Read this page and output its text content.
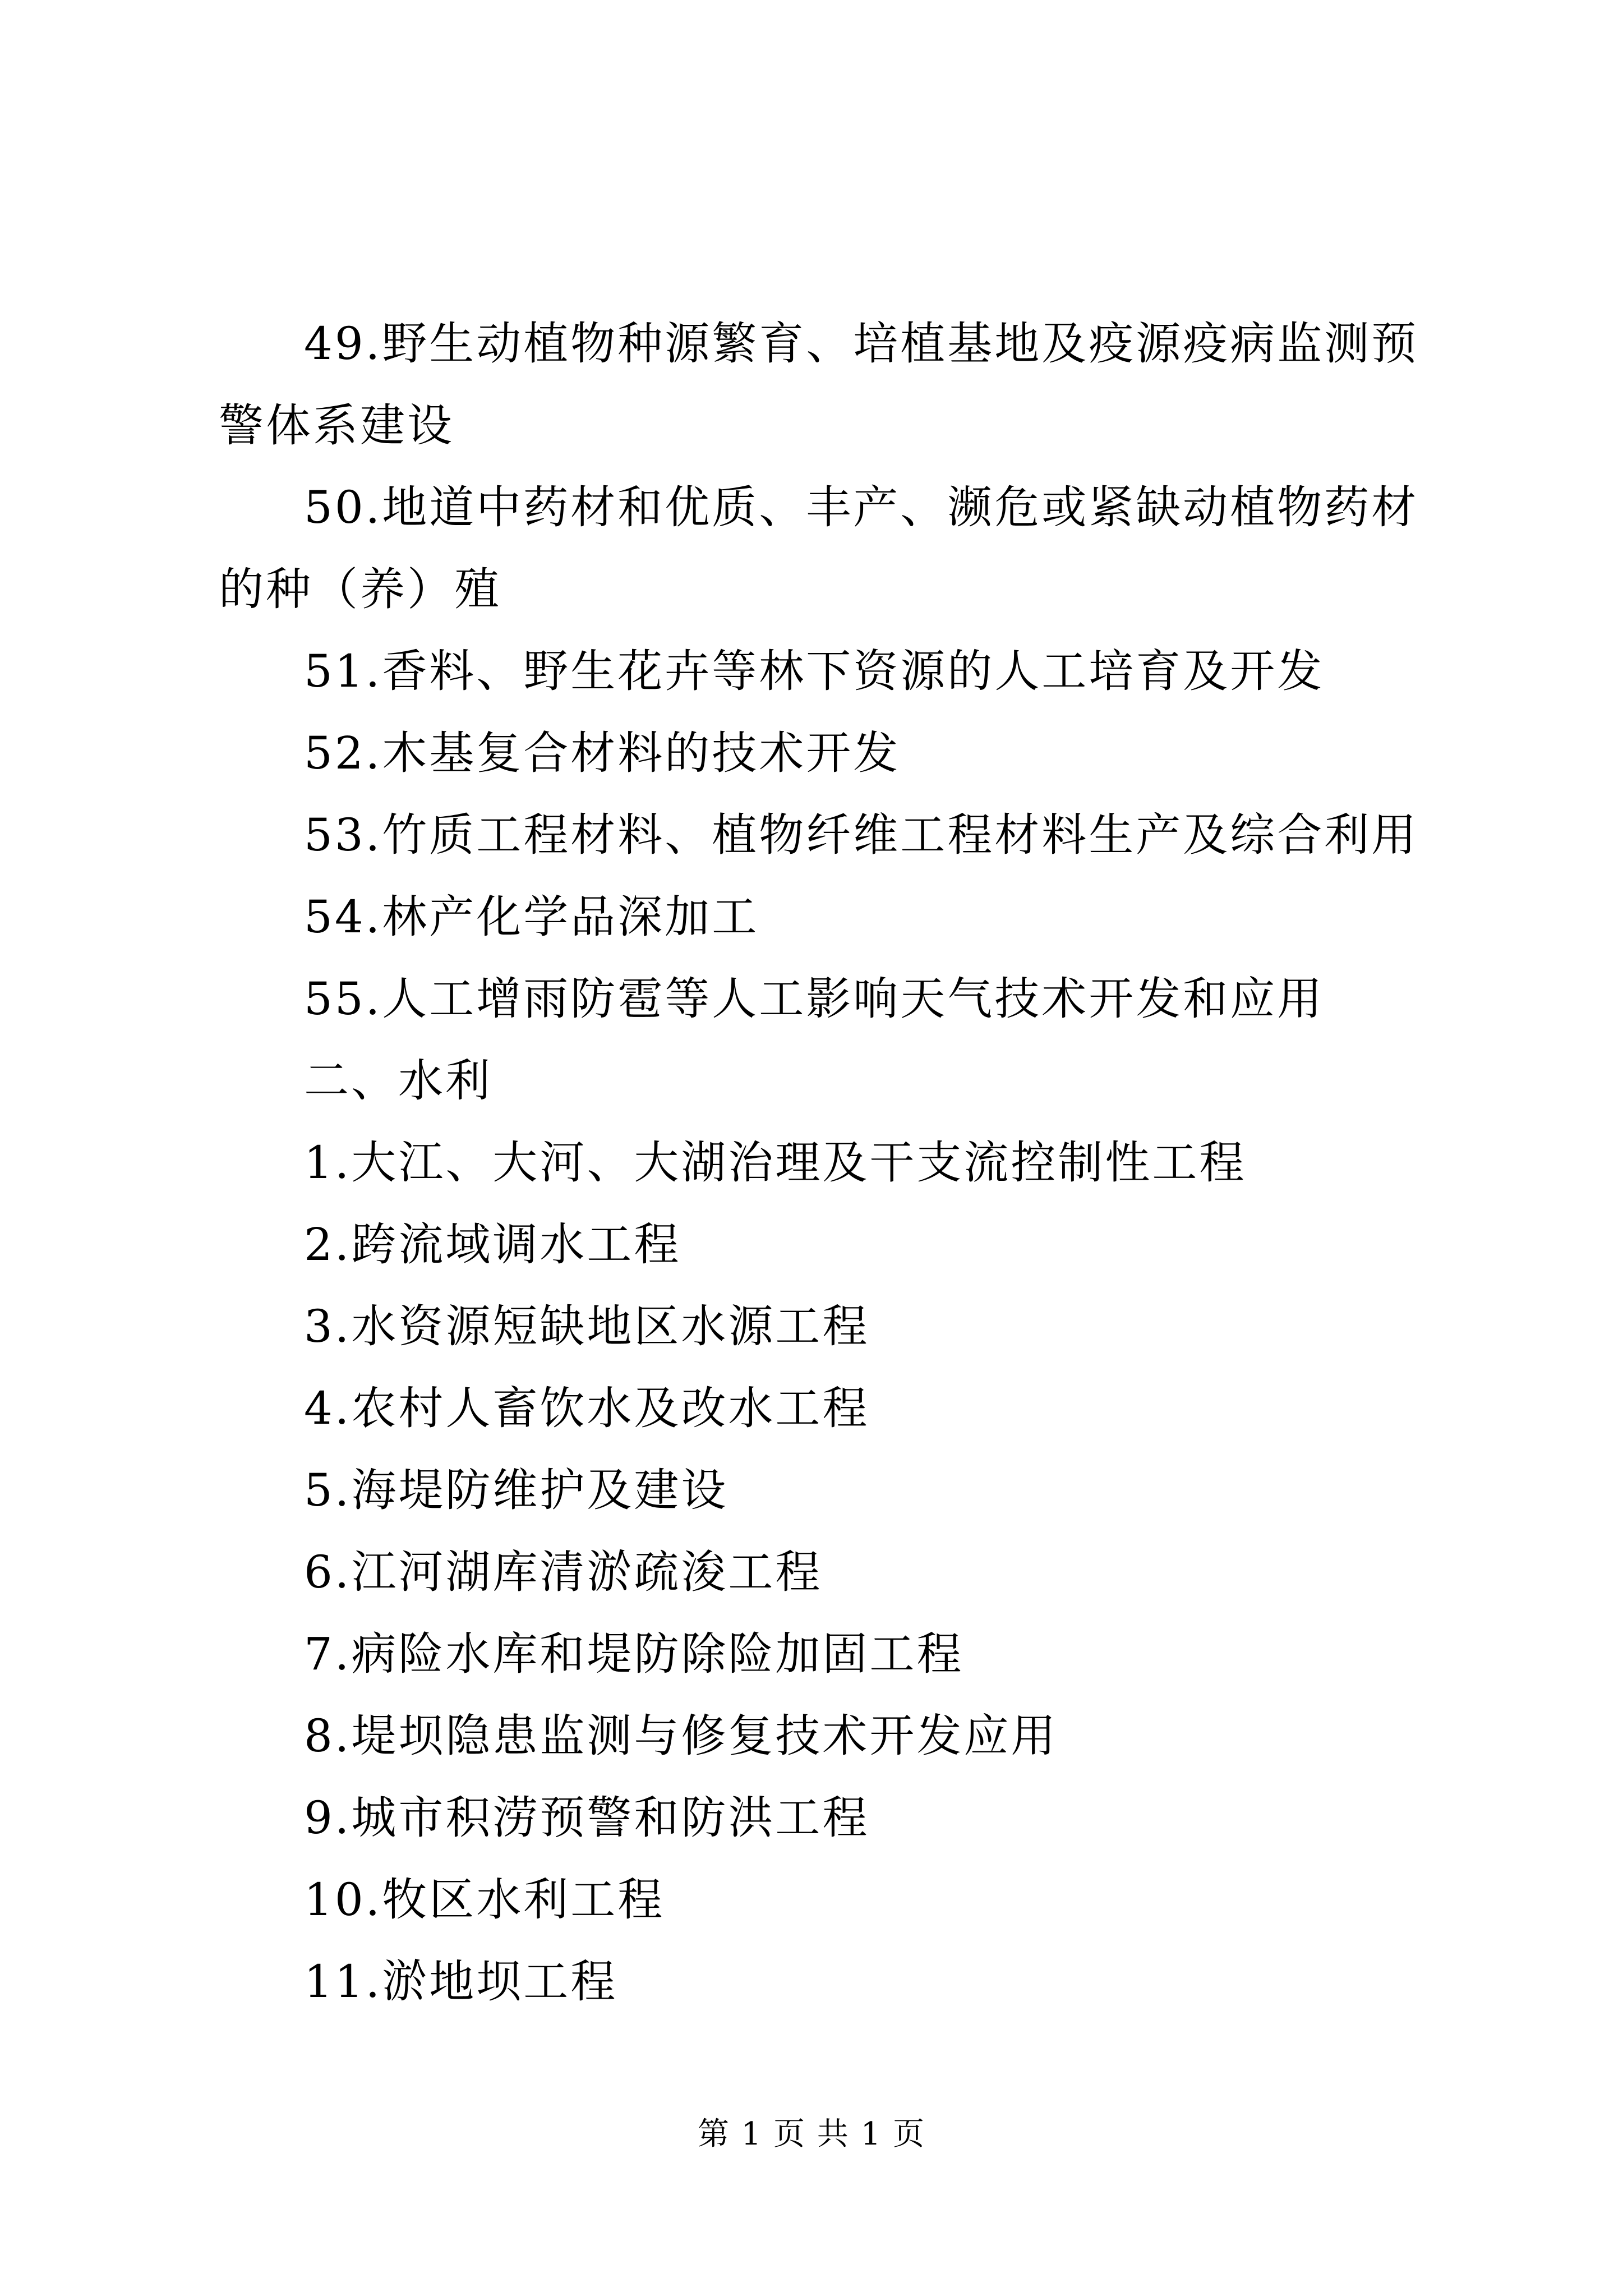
49.野生动植物种源繁育、培植基地及疫源疫病监测预警体系建设

50.地道中药材和优质、丰产、濒危或紧缺动植物药材的种（养）殖

51.香料、野生花卉等林下资源的人工培育及开发

52.木基复合材料的技术开发

53.竹质工程材料、植物纤维工程材料生产及综合利用

54.林产化学品深加工

55.人工增雨防雹等人工影响天气技术开发和应用

二、水利

1.大江、大河、大湖治理及干支流控制性工程

2.跨流域调水工程

3.水资源短缺地区水源工程

4.农村人畜饮水及改水工程

5.海堤防维护及建设

6.江河湖库清淤疏浚工程

7.病险水库和堤防除险加固工程

8.堤坝隐患监测与修复技术开发应用

9.城市积涝预警和防洪工程

10.牧区水利工程

11.淤地坝工程

第 1 页 共 1 页
